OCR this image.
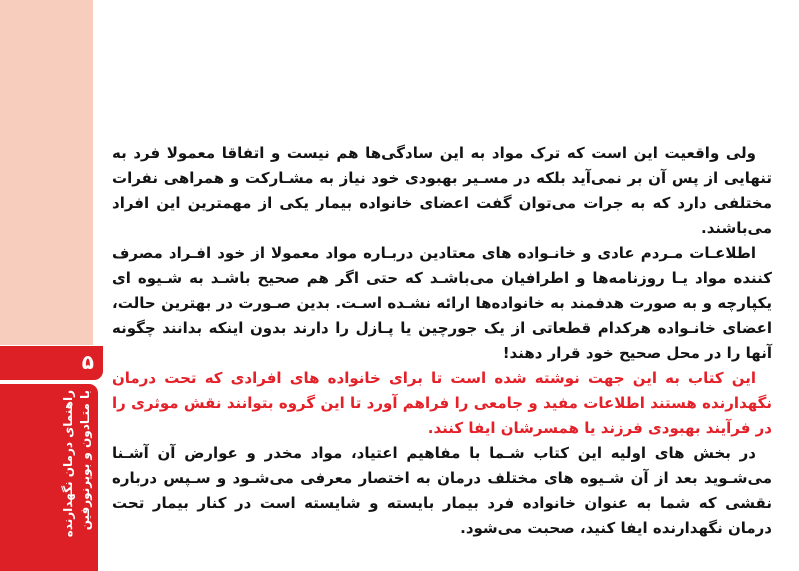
۵
راهنمای درمان نگهدارنده با متـادون و بوپرنورفین

ولی واقعیت این است که ترک مواد به این سادگی‌ها هم نیست و اتفاقا معمولا فرد به تنهایی از پس آن بر نمی‌آید بلکه در مسـیر بهبودی خود نیاز به مشـارکت و همراهی نفرات مختلفی دارد که به جرات می‌توان گفت اعضای خانواده بیمار یکی از مهمترین این افراد می‌باشند.

اطلاعـات مـردم عادی و خانـواده های معتادین دربـاره مواد معمولا از خود افـراد مصرف کننده مواد یـا روزنامه‌ها و اطرافیان می‌باشـد که حتی اگر هم صحیح باشـد به شـیوه ای یکپارچه و به صورت هدفمند به خانواده‌ها ارائه نشـده اسـت. بدین صـورت در بهترین حالت، اعضای خانـواده هرکدام قطعاتی از یک جورچین یا پـازل را دارند بدون اینکه بدانند چگونه آنها را در محل صحیح خود قرار دهند!

این کتاب به این جهت نوشته شده است تا برای خانواده های افرادی که تحت درمان نگهدارنده هستند اطلاعات مفید و جامعی را فراهم آورد تا این گروه بتوانند نقش موثری را در فرآیند بهبودی فرزند یا همسرشان ایفا کنند.

در بخش های اولیه این کتاب شـما با مفاهیم اعتیاد، مواد مخدر و عوارض آن آشـنا می‌شـوید بعد از آن شـیوه های مختلف درمان به اختصار معرفی می‌شـود و سـپس درباره نقشی که شما به عنوان خانواده فرد بیمار بایسته و شایسته است در کنار بیمار تحت درمان نگهدارنده ایفا کنید، صحبت می‌شود.
